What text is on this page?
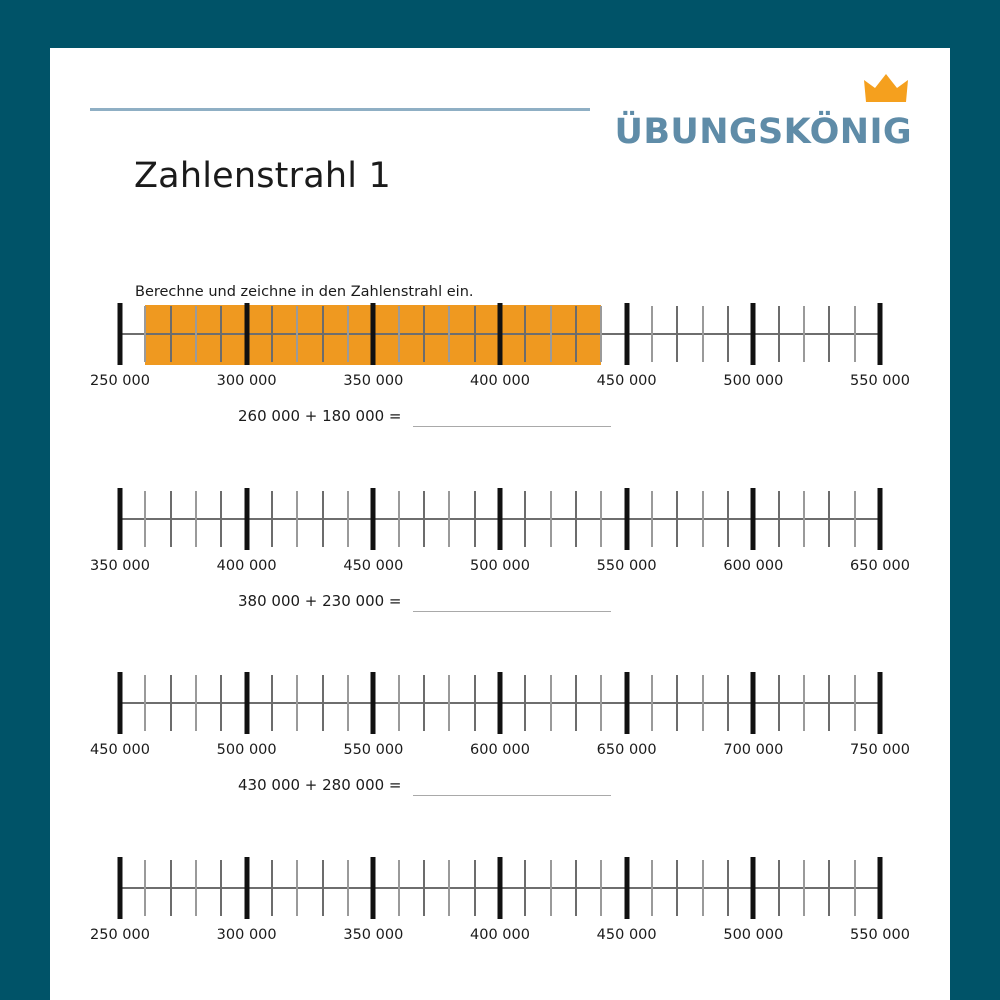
ÜBUNGSKÖNIG
Zahlenstrahl 1
Berechne und zeichne in den Zahlenstrahl ein.
250 000	300 000	350 000	400 000	450 000	500 000	550 000
260 000 + 180 000 =
350 000	400 000	450 000	500 000	550 000	600 000	650 000
380 000 + 230 000 =
450 000	500 000	550 000	600 000	650 000	700 000	750 000
430 000 + 280 000 =
250 000	300 000	350 000	400 000	450 000	500 000	550 000
